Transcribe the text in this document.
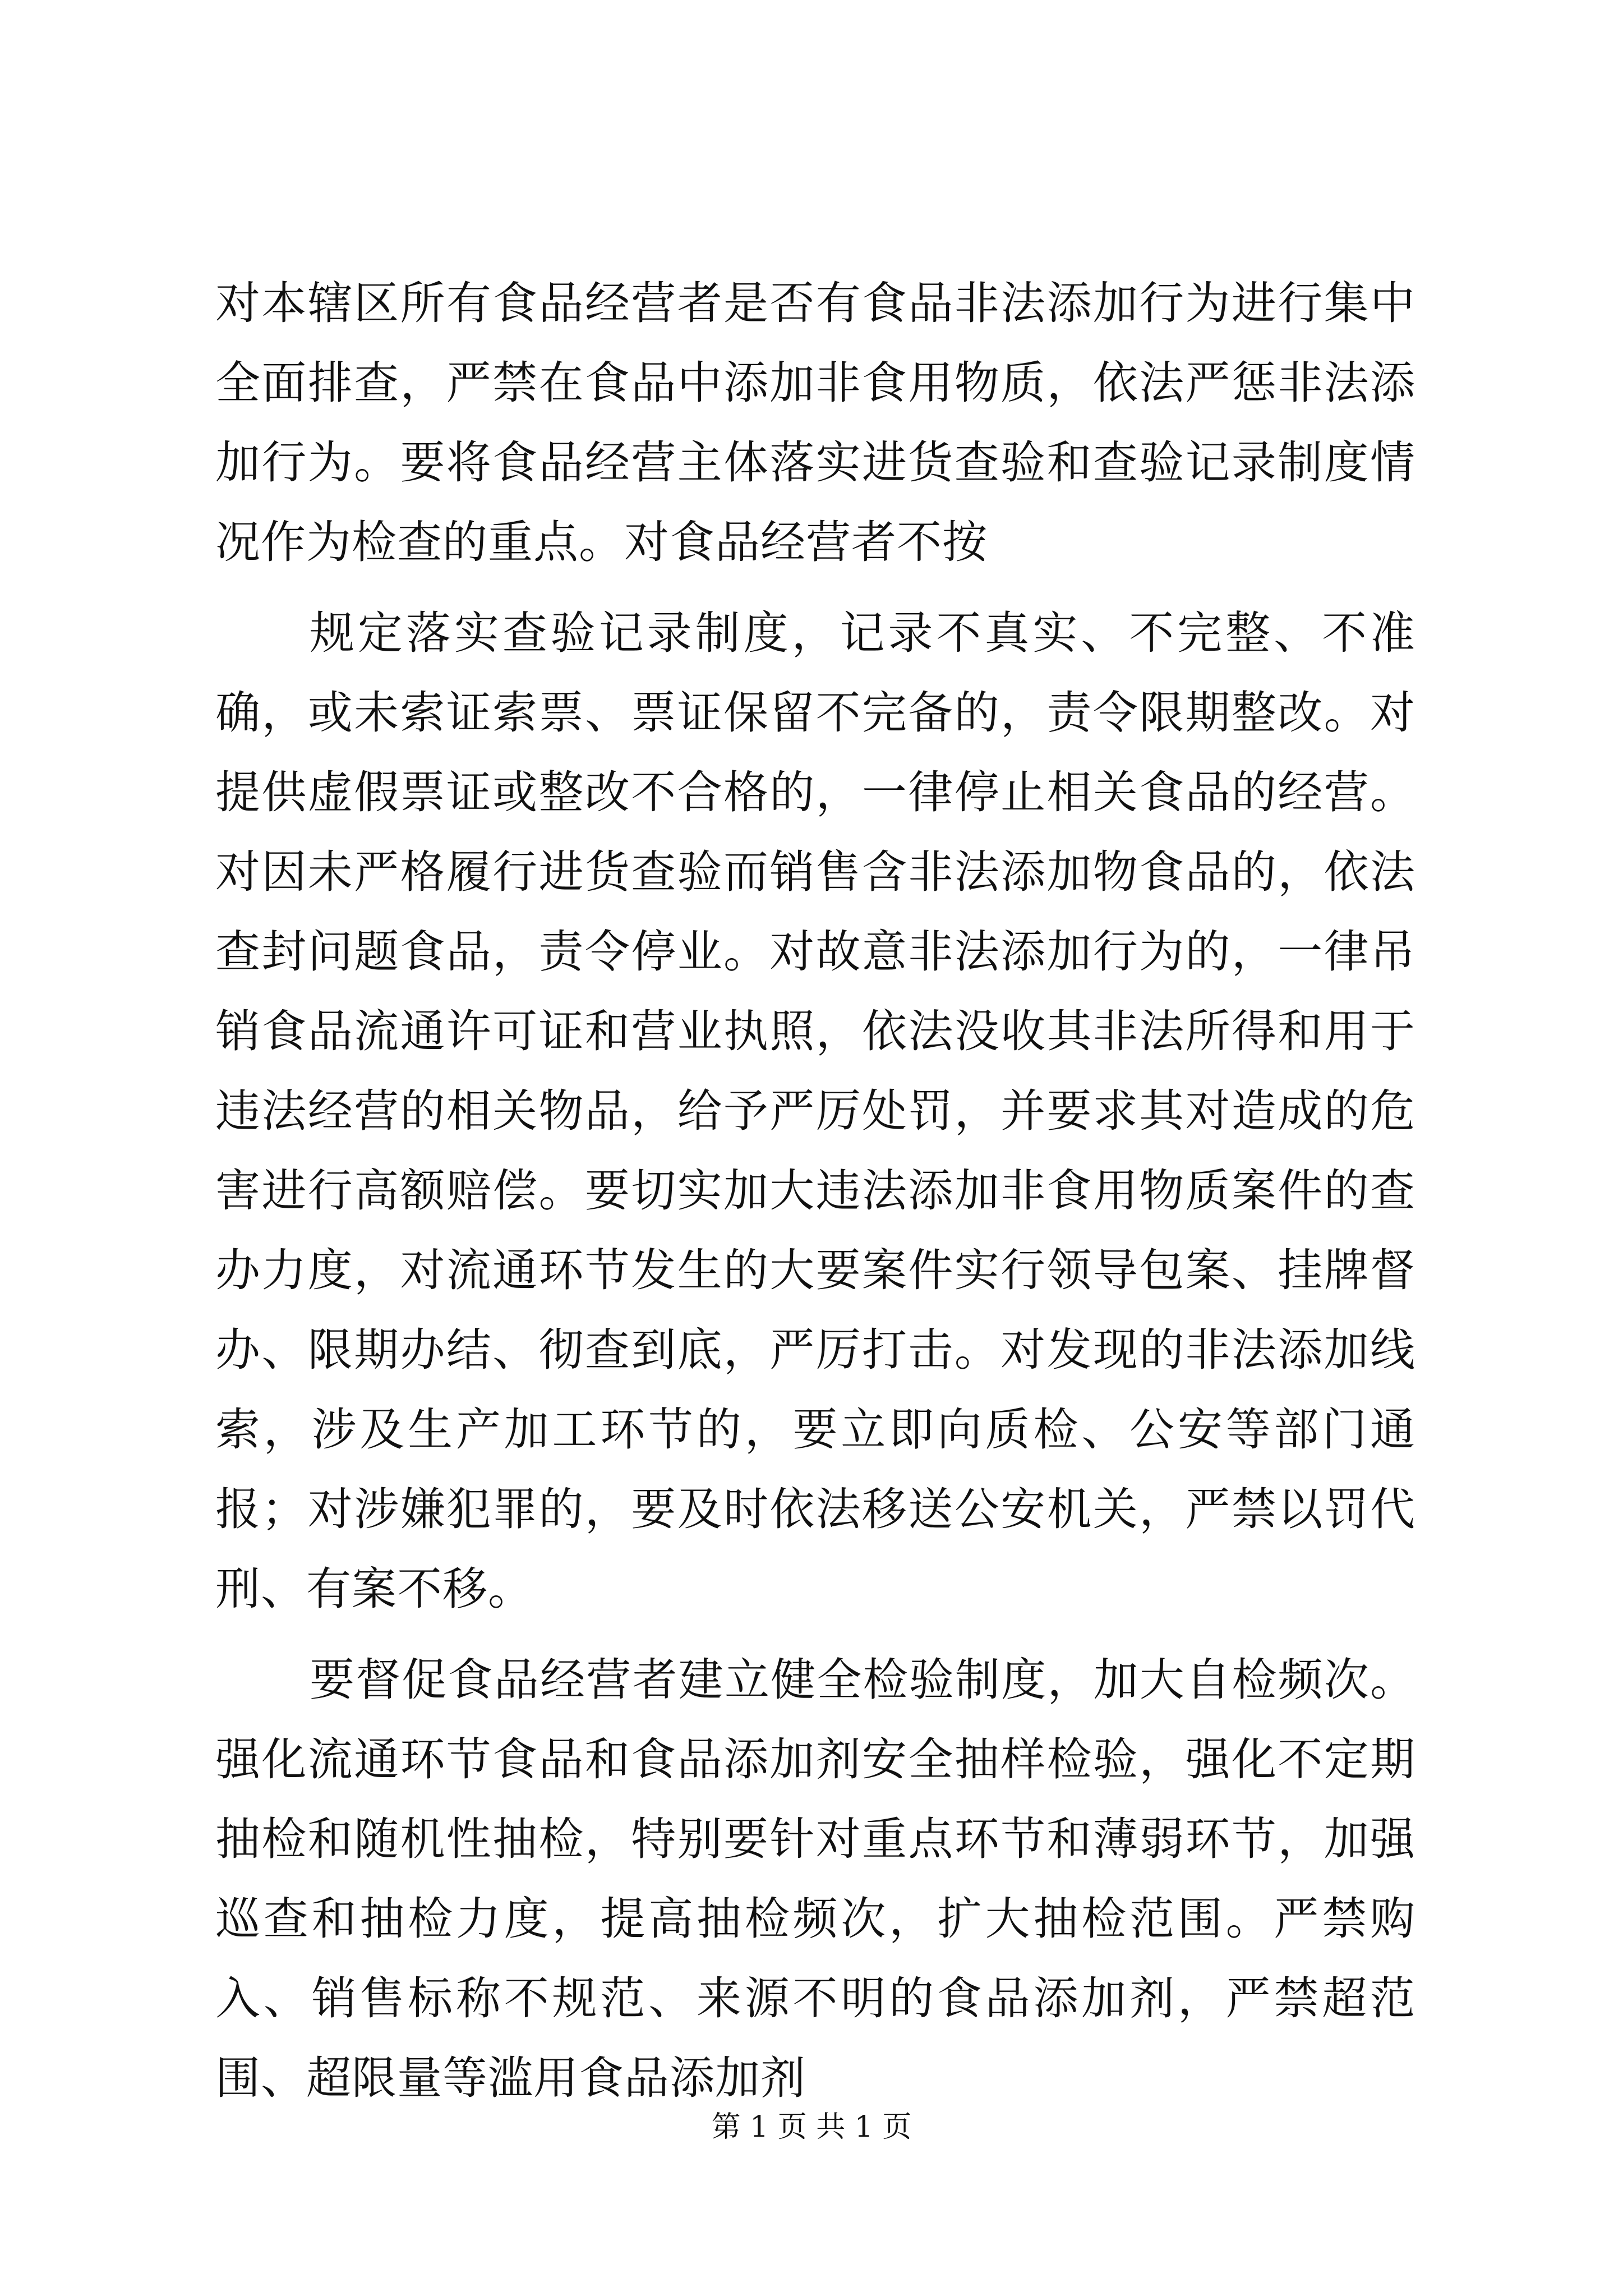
对本辖区所有食品经营者是否有食品非法添加行为进行集中全面排查，严禁在食品中添加非食用物质，依法严惩非法添加行为。要将食品经营主体落实进货查验和查验记录制度情况作为检查的重点。对食品经营者不按

规定落实查验记录制度，记录不真实、不完整、不准确，或未索证索票、票证保留不完备的，责令限期整改。对提供虚假票证或整改不合格的，一律停止相关食品的经营。对因未严格履行进货查验而销售含非法添加物食品的，依法查封问题食品，责令停业。对故意非法添加行为的，一律吊销食品流通许可证和营业执照，依法没收其非法所得和用于违法经营的相关物品，给予严厉处罚，并要求其对造成的危害进行高额赔偿。要切实加大违法添加非食用物质案件的查办力度，对流通环节发生的大要案件实行领导包案、挂牌督办、限期办结、彻查到底，严厉打击。对发现的非法添加线索，涉及生产加工环节的，要立即向质检、公安等部门通报；对涉嫌犯罪的，要及时依法移送公安机关，严禁以罚代刑、有案不移。

要督促食品经营者建立健全检验制度，加大自检频次。强化流通环节食品和食品添加剂安全抽样检验，强化不定期抽检和随机性抽检，特别要针对重点环节和薄弱环节，加强巡查和抽检力度，提高抽检频次，扩大抽检范围。严禁购入、销售标称不规范、来源不明的食品添加剂，严禁超范围、超限量等滥用食品添加剂

第 1 页 共 1 页
